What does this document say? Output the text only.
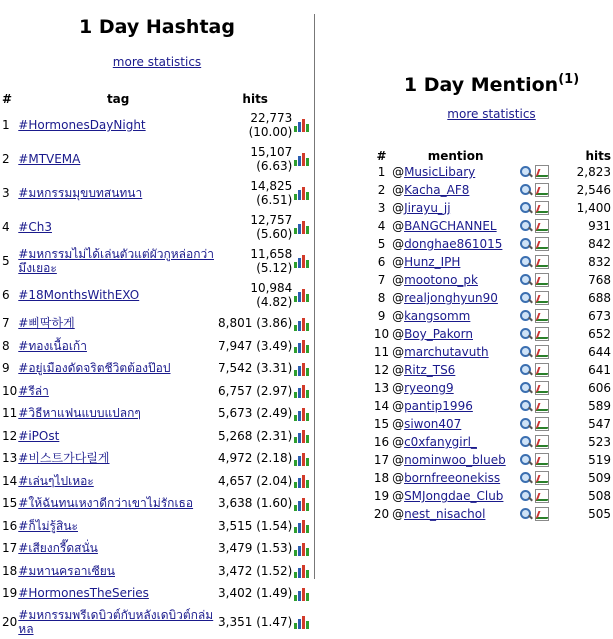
1 Day Hashtag
more statistics
#	tag	hits	
1	#HormonesDayNight	22,773
(10.00)	

2	#MTVEMA	15,107
(6.63)	

3	#มหกรรมมุขบทสนทนา	14,825
(6.51)	

4	#Ch3	12,757
(5.60)	

5	#มหกรรมไม่ได้เล่นตัวแต่ผัวกูหล่อกว่ามึงเยอะ	11,658
(5.12)	

6	#18MonthsWithEXO	10,984
(4.82)	

7	#삐딱하게	8,801 (3.86)	

8	#ทองเนื้อเก้า	7,947 (3.49)	

9	#อยู่เมืองดัดจริตชีวิตต้องป๊อป	7,542 (3.31)	

10	#รีล่า	6,757 (2.97)	

11	#วิธีหาแฟนแบบแปลกๆ	5,673 (2.49)	

12	#iPOst	5,268 (2.31)	

13	#비스트가다릴게	4,972 (2.18)	

14	#เล่นๆไปเหอะ	4,657 (2.04)	

15	#ให้ฉันทนเหงาดีกว่าเขาไม่รักเธอ	3,638 (1.60)	

16	#ก็ไม่รู้สินะ	3,515 (1.54)	

17	#เสียงกรี๊ดสนั่น	3,479 (1.53)	

18	#มหานครอาเซียน	3,472 (1.52)	

19	#HormonesTheSeries	3,402 (1.49)	

20	#มหกรรมพรีเดบิวต์กับหลังเดบิวต์กล่มหล	3,351 (1.47)	
1 Day Mention$^{(1)}$
more statistics
#	mention		hits
1	@MusicLibary		2,823
2	@Kacha_AF8		2,546
3	@Jirayu_jj		1,400
4	@BANGCHANNEL		931
5	@donghae861015		842
6	@Hunz_IPH		832
7	@mootono_pk		768
8	@realjonghyun90		688
9	@kangsomm		673
10	@Boy_Pakorn		652
11	@marchutavuth		644
12	@Ritz_TS6		641
13	@ryeong9		606
14	@pantip1996		589
15	@siwon407		547
16	@c0xfanygirl_		523
17	@nominwoo_blueb		519
18	@bornfreeonekiss		509
19	@SMJongdae_Club		508
20	@nest_nisachol		505
